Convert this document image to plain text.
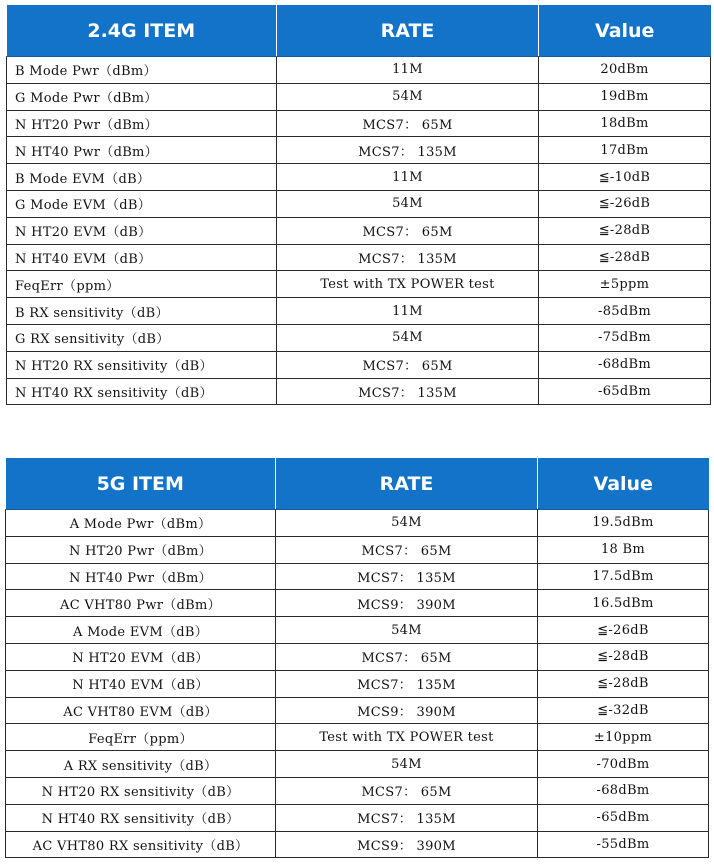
2.4G ITEM	RATE	Value
B Mode Pwr（dBm）	11M	20dBm
G Mode Pwr（dBm）	54M	19dBm
N HT20 Pwr（dBm）	MCS7： 65M	18dBm
N HT40 Pwr（dBm）	MCS7： 135M	17dBm
B Mode EVM（dB）	11M	≦-10dB
G Mode EVM（dB）	54M	≦-26dB
N HT20 EVM（dB）	MCS7： 65M	≦-28dB
N HT40 EVM（dB）	MCS7： 135M	≦-28dB
FeqErr（ppm）	Test with TX POWER test	±5ppm
B RX sensitivity（dB）	11M	-85dBm
G RX sensitivity（dB）	54M	-75dBm
N HT20 RX sensitivity（dB）	MCS7： 65M	-68dBm
N HT40 RX sensitivity（dB）	MCS7： 135M	-65dBm
5G ITEM	RATE	Value
A Mode Pwr（dBm）	54M	19.5dBm
N HT20 Pwr（dBm）	MCS7： 65M	18 Bm
N HT40 Pwr（dBm）	MCS7： 135M	17.5dBm
AC VHT80 Pwr（dBm）	MCS9： 390M	16.5dBm
A Mode EVM（dB）	54M	≦-26dB
N HT20 EVM（dB）	MCS7： 65M	≦-28dB
N HT40 EVM（dB）	MCS7： 135M	≦-28dB
AC VHT80 EVM（dB）	MCS9： 390M	≦-32dB
FeqErr（ppm）	Test with TX POWER test	±10ppm
A RX sensitivity（dB）	54M	-70dBm
N HT20 RX sensitivity（dB）	MCS7： 65M	-68dBm
N HT40 RX sensitivity（dB）	MCS7： 135M	-65dBm
AC VHT80 RX sensitivity（dB）	MCS9： 390M	-55dBm
